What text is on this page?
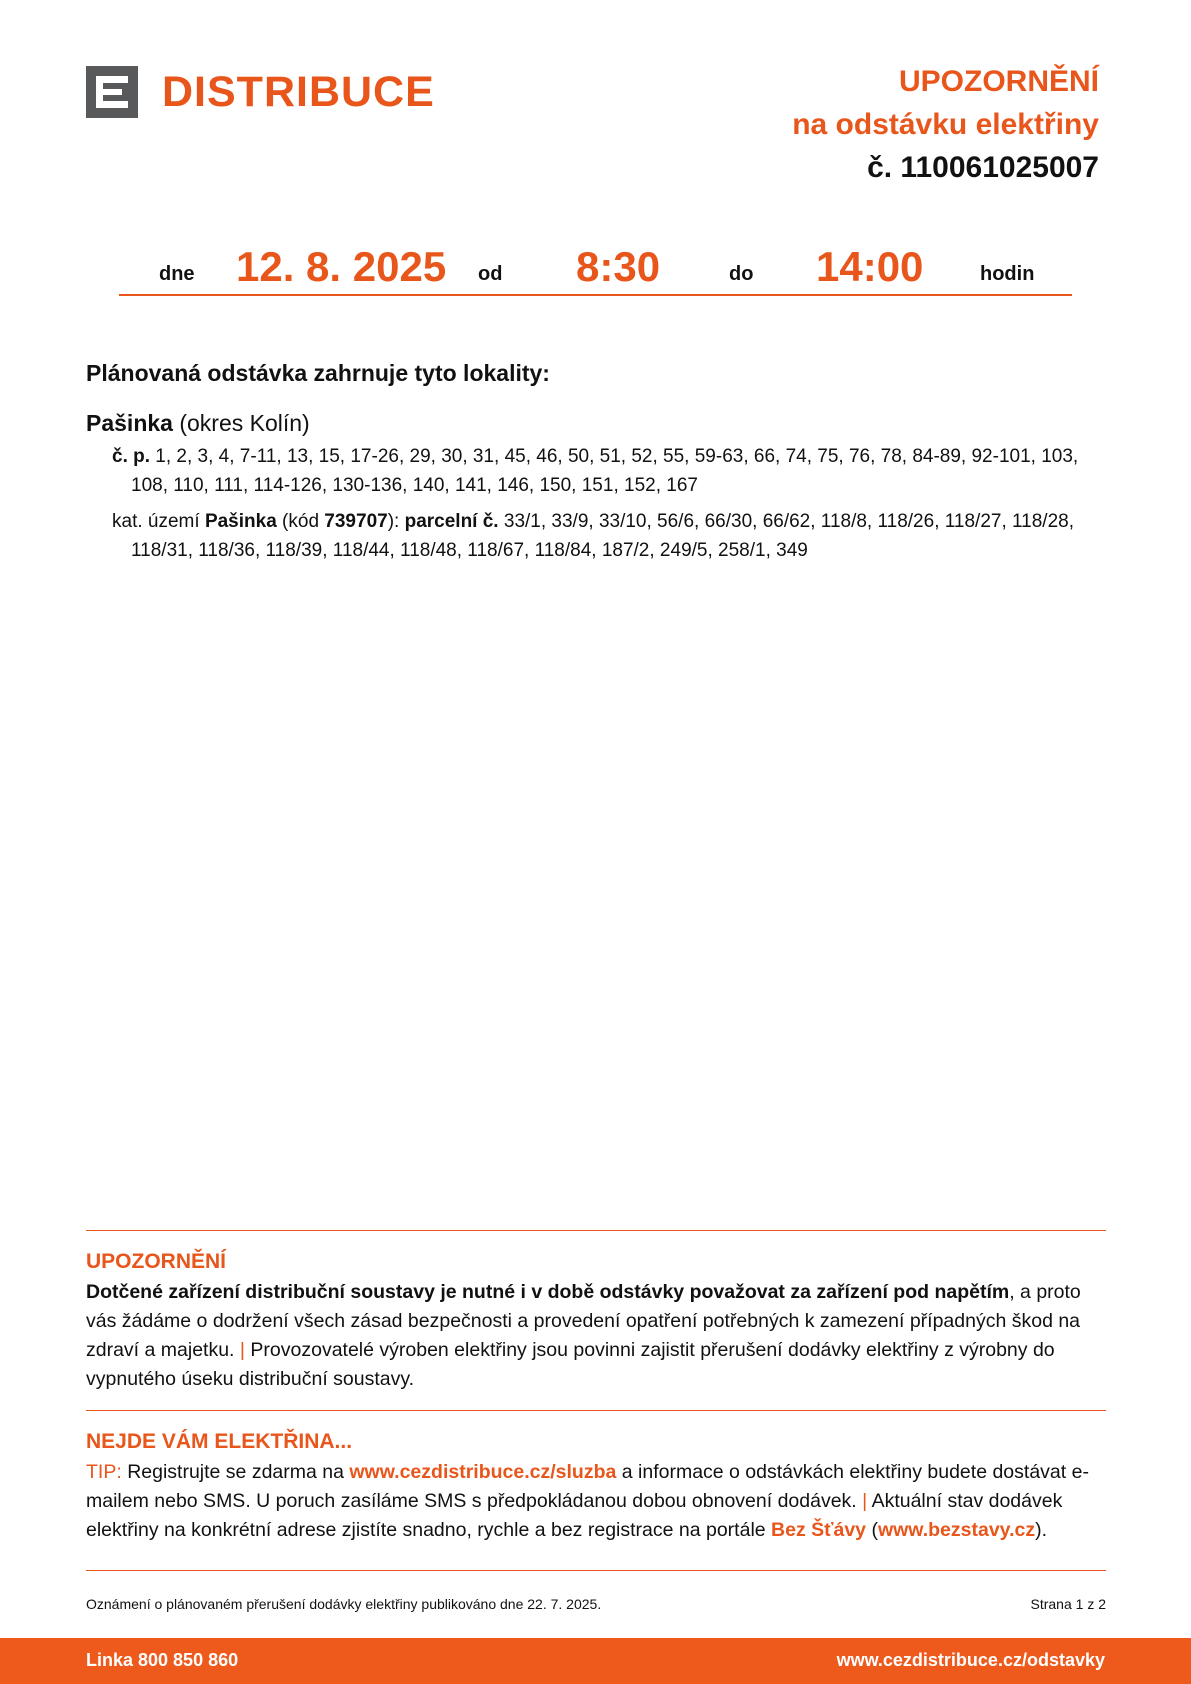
DISTRIBUCE	UPOZORNĚNÍ
na odstávku elektřiny
č. 110061025007
dne 12. 8. 2025 od 8:30	do 14:00	hodin
Plánovaná odstávka zahrnuje tyto lokality:
Pašinka (okres Kolín)
č. p. 1, 2, 3, 4, 7-11, 13, 15, 17-26, 29, 30, 31, 45, 46, 50, 51, 52, 55, 59-63, 66, 74, 75, 76, 78, 84-89, 92-101, 103, 108, 110, 111, 114-126, 130-136, 140, 141, 146, 150, 151, 152, 167
kat. území Pašinka (kód 739707): parcelní č. 33/1, 33/9, 33/10, 56/6, 66/30, 66/62, 118/8, 118/26, 118/27, 118/28, 118/31, 118/36, 118/39, 118/44, 118/48, 118/67, 118/84, 187/2, 249/5, 258/1, 349
UPOZORNĚNÍ
Dotčené zařízení distribuční soustavy je nutné i v době odstávky považovat za zařízení pod napětím, a proto vás žádáme o dodržení všech zásad bezpečnosti a provedení opatření potřebných k zamezení případných škod na zdraví a majetku. | Provozovatelé výroben elektřiny jsou povinni zajistit přerušení dodávky elektřiny z výrobny do vypnutého úseku distribuční soustavy.
NEJDE VÁM ELEKTŘINA...
TIP: Registrujte se zdarma na www.cezdistribuce.cz/sluzba a informace o odstávkách elektřiny budete dostávat e-mailem nebo SMS. U poruch zasíláme SMS s předpokládanou dobou obnovení dodávek. | Aktuální stav dodávek elektřiny na konkrétní adrese zjistíte snadno, rychle a bez registrace na portále Bez Šťávy (www.bezstavy.cz).
Oznámení o plánovaném přerušení dodávky elektřiny publikováno dne 22. 7. 2025.	Strana 1 z 2
Linka 800 850 860	www.cezdistribuce.cz/odstavky
